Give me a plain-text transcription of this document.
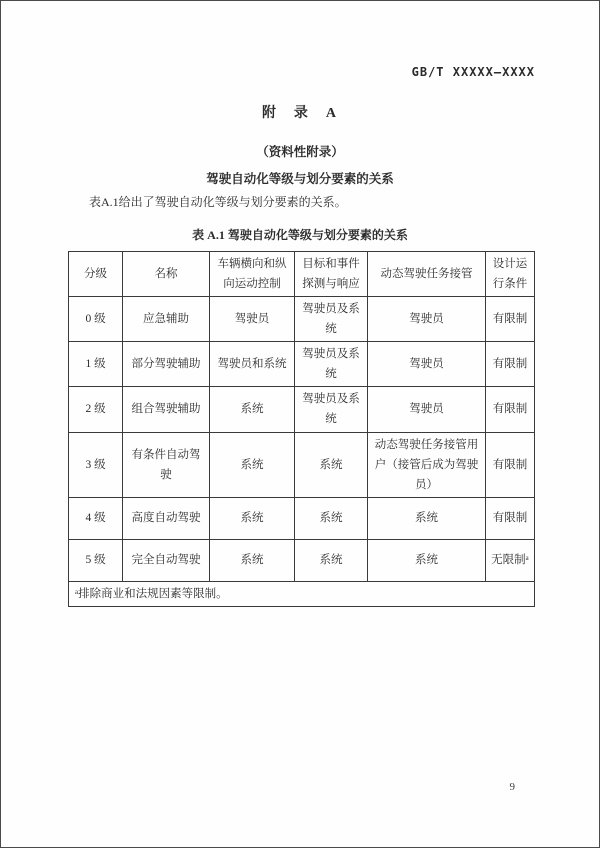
GB/T XXXXX—XXXX
附　录　A
（资料性附录）
驾驶自动化等级与划分要素的关系

表A.1给出了驾驶自动化等级与划分要素的关系。

表 A.1 驾驶自动化等级与划分要素的关系
分级	名称	车辆横向和纵向运动控制	目标和事件探测与响应	动态驾驶任务接管	设计运行条件
0 级	应急辅助	驾驶员	驾驶员及系统	驾驶员	有限制
1 级	部分驾驶辅助	驾驶员和系统	驾驶员及系统	驾驶员	有限制
2 级	组合驾驶辅助	系统	驾驶员及系统	驾驶员	有限制
3 级	有条件自动驾驶	系统	系统	动态驾驶任务接管用户（接管后成为驾驶员）	有限制
4 级	高度自动驾驶	系统	系统	系统	有限制
5 级	完全自动驾驶	系统	系统	系统	无限制ᵃ
ᵃ排除商业和法规因素等限制。					
9
